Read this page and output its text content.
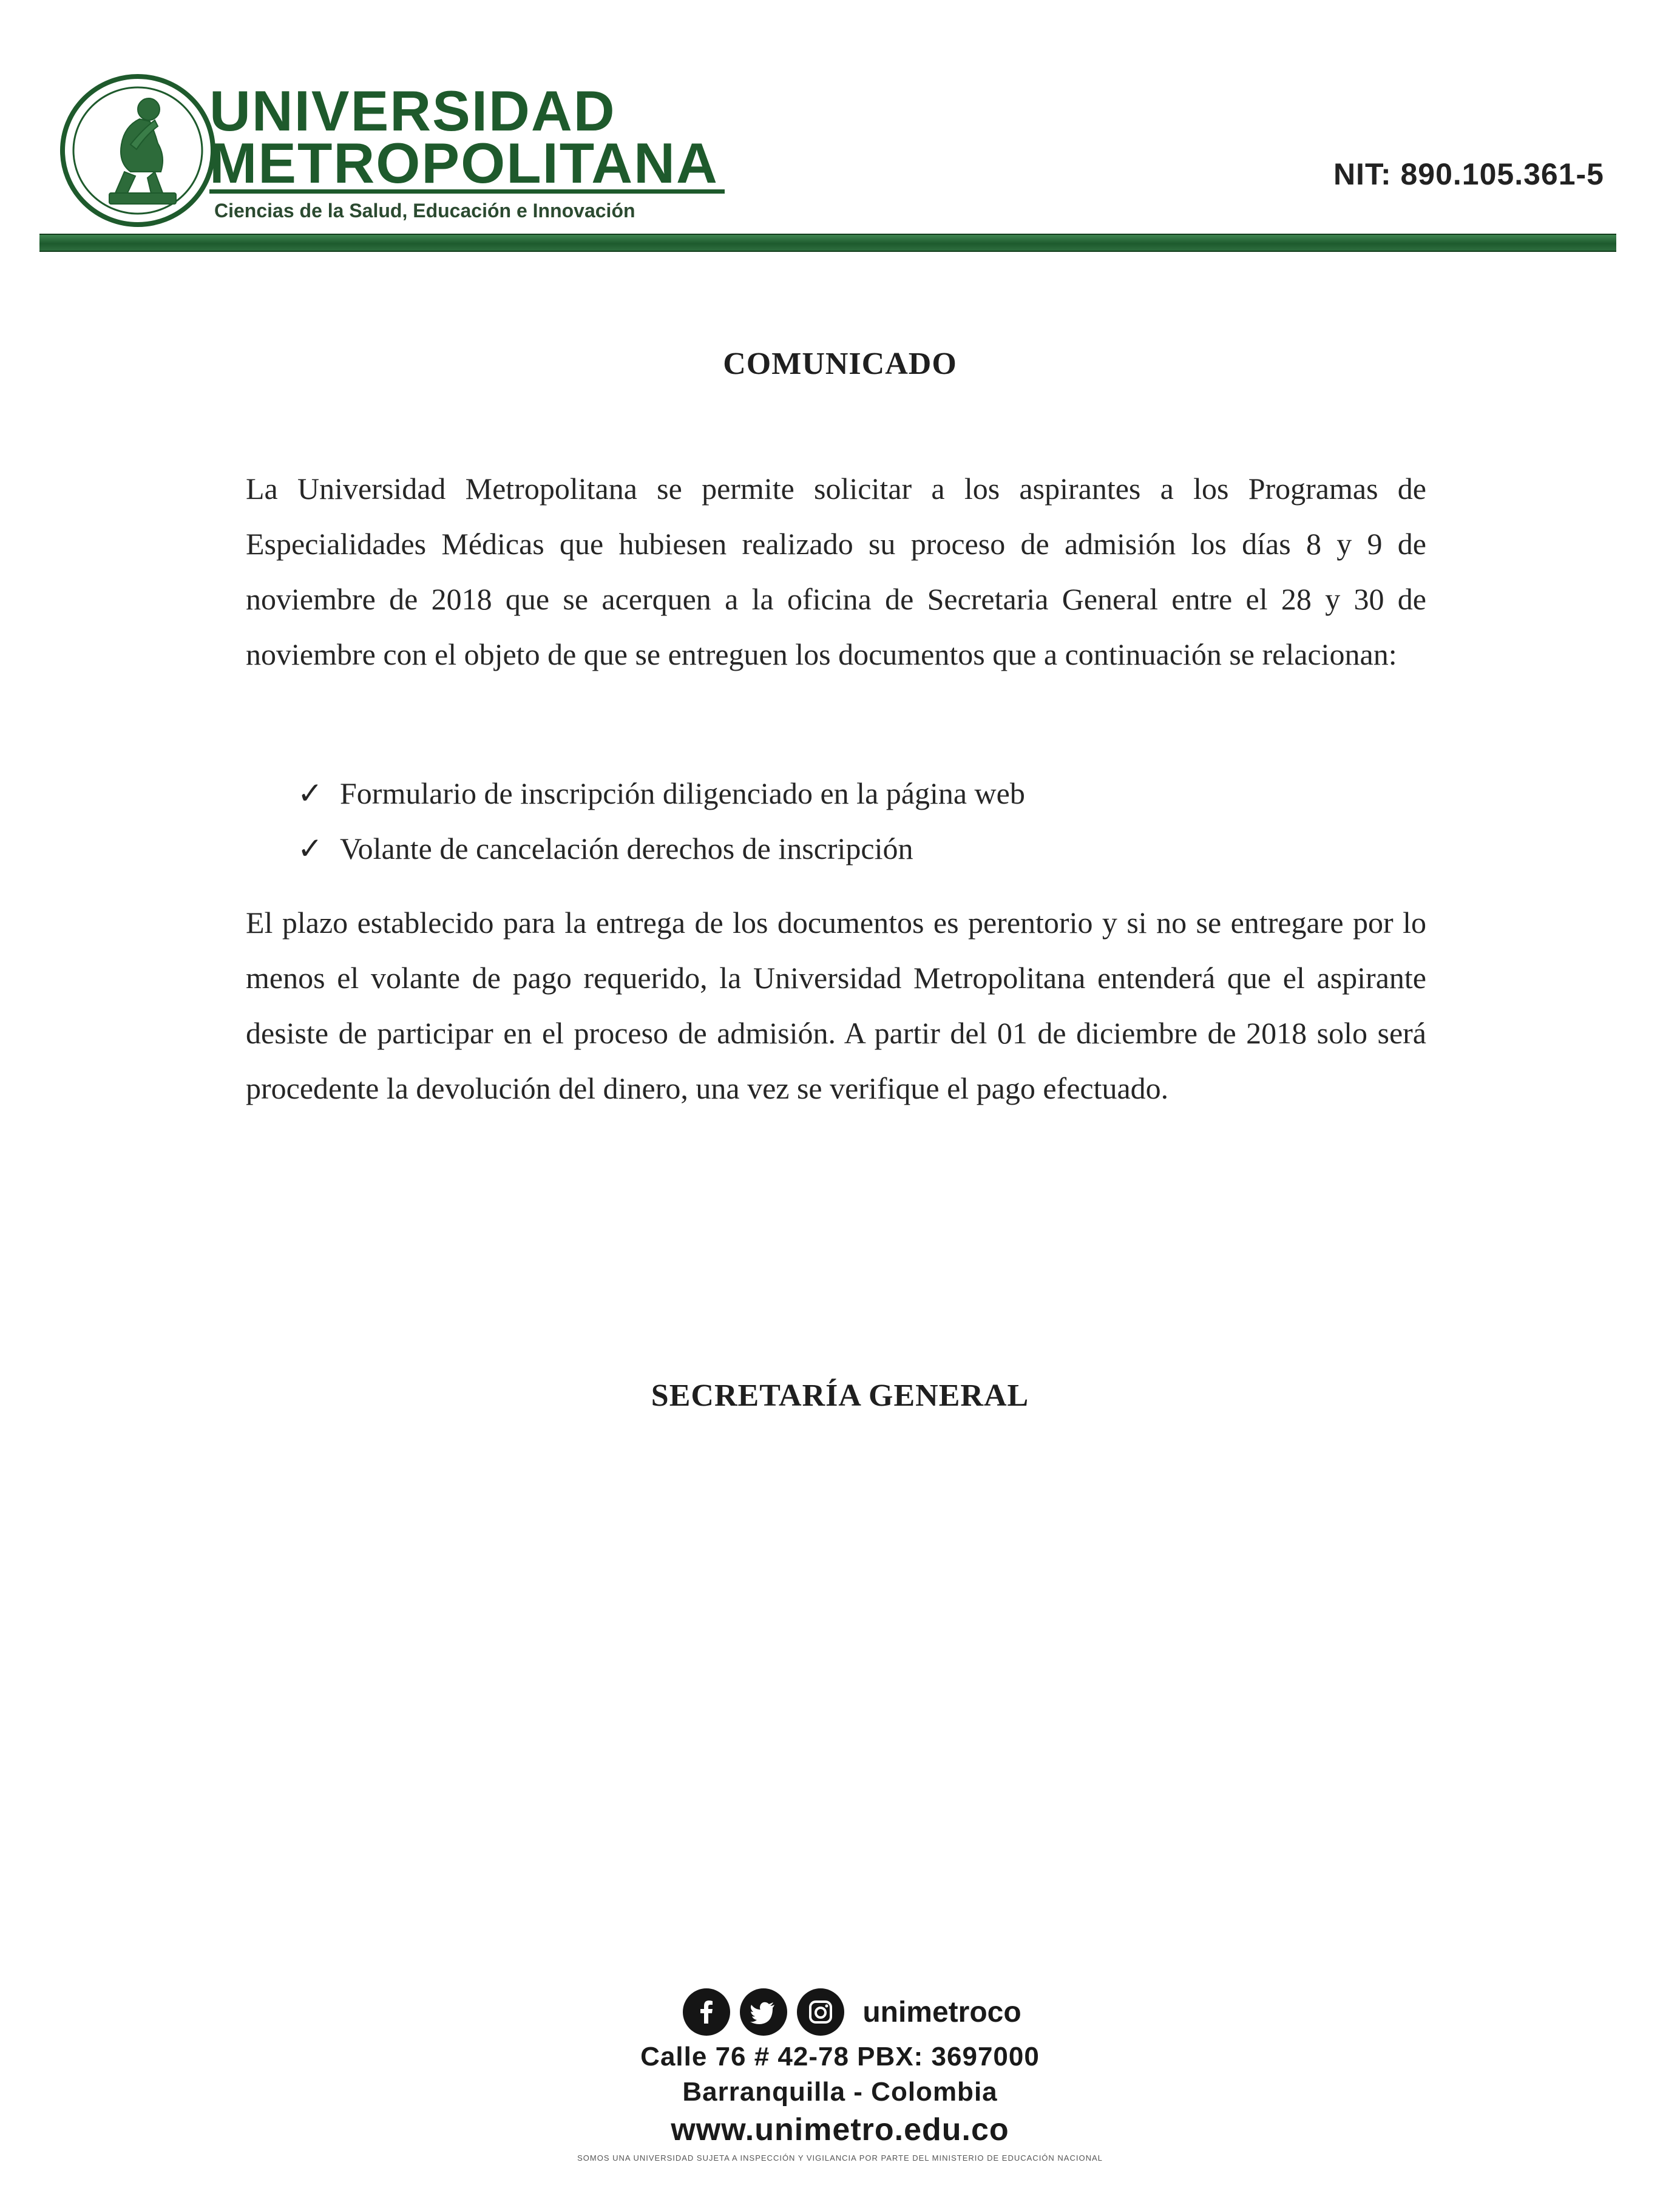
UNIVERSIDAD
METROPOLITANA
Ciencias de la Salud, Educación e Innovación
NIT: 890.105.361-5
COMUNICADO
La Universidad Metropolitana se permite solicitar a los aspirantes a los Programas de Especialidades Médicas que hubiesen realizado su proceso de admisión los días 8 y 9 de noviembre de 2018 que se acerquen a la oficina de Secretaria General entre el 28 y 30 de noviembre con el objeto de que se entreguen los documentos que a continuación se relacionan:
✓ Formulario de inscripción diligenciado en la página web
✓ Volante de cancelación derechos de inscripción
El plazo establecido para la entrega de los documentos es perentorio y si no se entregare por lo menos el volante de pago requerido, la Universidad Metropolitana entenderá que el aspirante desiste de participar en el proceso de admisión. A partir del 01 de diciembre de 2018 solo será procedente la devolución del dinero, una vez se verifique el pago efectuado.
SECRETARÍA GENERAL
unimetroco
Calle 76 # 42-78 PBX: 3697000
Barranquilla - Colombia
www.unimetro.edu.co
SOMOS UNA UNIVERSIDAD SUJETA A INSPECCIÓN Y VIGILANCIA POR PARTE DEL MINISTERIO DE EDUCACIÓN NACIONAL
